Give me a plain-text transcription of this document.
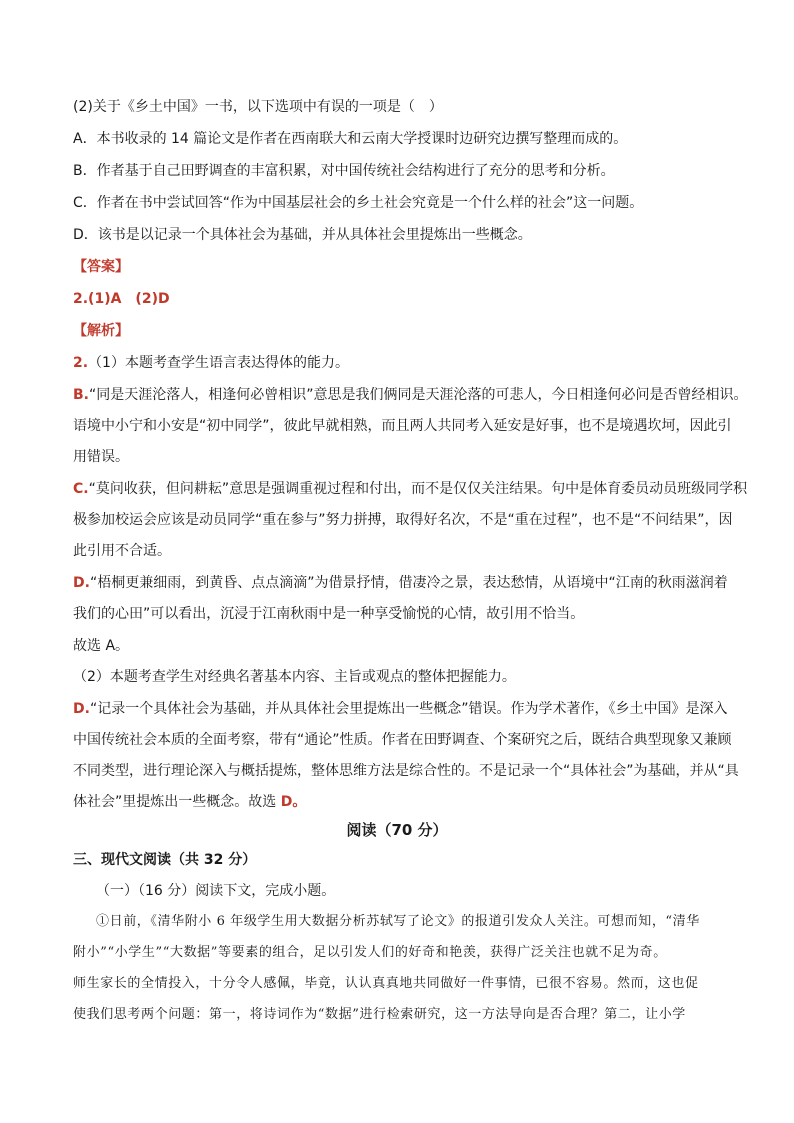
(2)关于《乡土中国》一书，以下选项中有误的一项是（　）
A．本书收录的 14 篇论文是作者在西南联大和云南大学授课时边研究边撰写整理而成的。
B．作者基于自己田野调查的丰富积累，对中国传统社会结构进行了充分的思考和分析。
C．作者在书中尝试回答“作为中国基层社会的乡土社会究竟是一个什么样的社会”这一问题。
D．该书是以记录一个具体社会为基础，并从具体社会里提炼出一些概念。
【答案】
2.(1)A　(2)D
【解析】
2.（1）本题考查学生语言表达得体的能力。
B.“同是天涯沦落人，相逢何必曾相识”意思是我们俩同是天涯沦落的可悲人，今日相逢何必问是否曾经相识。
语境中小宁和小安是“初中同学”，彼此早就相熟，而且两人共同考入延安是好事，也不是境遇坎坷，因此引
用错误。
C.“莫问收获，但问耕耘”意思是强调重视过程和付出，而不是仅仅关注结果。句中是体育委员动员班级同学积
极参加校运会应该是动员同学“重在参与”努力拼搏，取得好名次，不是“重在过程”，也不是“不问结果”，因
此引用不合适。
D.“梧桐更兼细雨，到黄昏、点点滴滴”为借景抒情，借凄冷之景，表达愁情，从语境中“江南的秋雨滋润着
我们的心田”可以看出，沉浸于江南秋雨中是一种享受愉悦的心情，故引用不恰当。
故选 A。
（2）本题考查学生对经典名著基本内容、主旨或观点的整体把握能力。
D.“记录一个具体社会为基础，并从具体社会里提炼出一些概念”错误。作为学术著作，《乡土中国》是深入
中国传统社会本质的全面考察，带有“通论”性质。作者在田野调查、个案研究之后，既结合典型现象又兼顾
不同类型，进行理论深入与概括提炼，整体思维方法是综合性的。不是记录一个“具体社会”为基础，并从“具
体社会”里提炼出一些概念。故选 D。
阅读（70 分）
三、现代文阅读（共 32 分）
（一）（16 分）阅读下文，完成小题。
①日前，《清华附小 6 年级学生用大数据分析苏轼写了论文》的报道引发众人关注。可想而知，“清华
附小”“小学生”“大数据”等要素的组合，足以引发人们的好奇和艳羡，获得广泛关注也就不足为奇。
师生家长的全情投入，十分令人感佩，毕竟，认认真真地共同做好一件事情，已很不容易。然而，这也促
使我们思考两个问题：第一，将诗词作为“数据”进行检索研究，这一方法导向是否合理？第二，让小学
